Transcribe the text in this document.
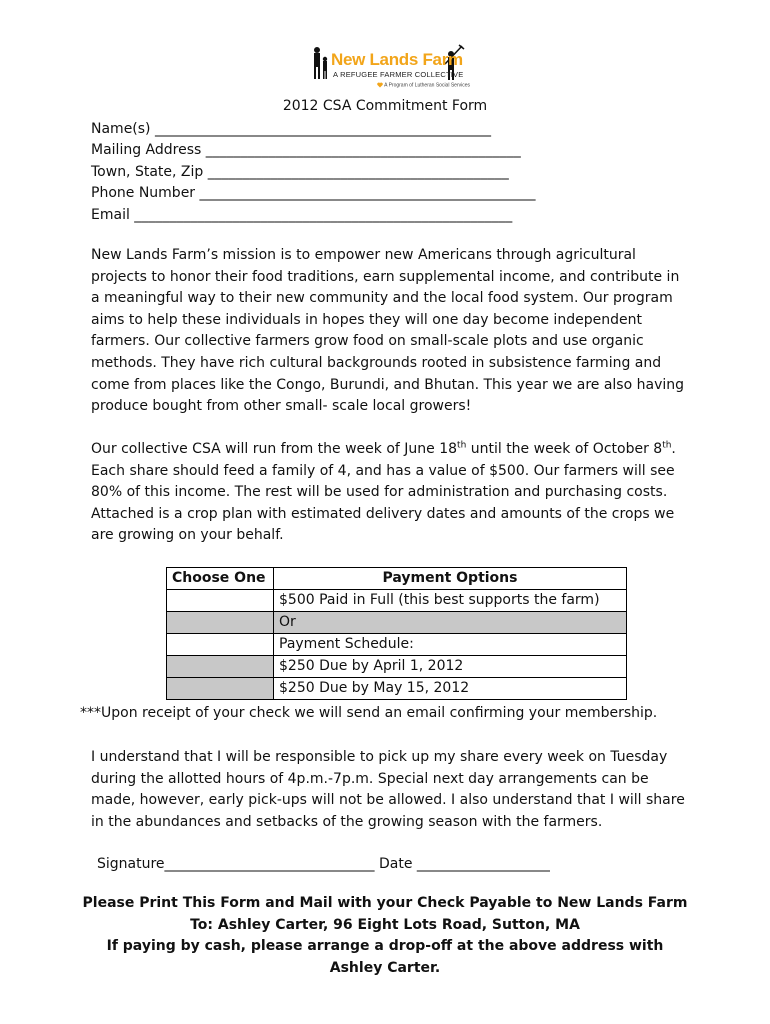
New Lands Farm
A REFUGEE FARMER COLLECTIVE
A Program of Lutheran Social Services
2012 CSA Commitment Form
Name(s) ________________________________________________
Mailing Address _____________________________________________
Town, State, Zip ___________________________________________
Phone Number ________________________________________________
Email ______________________________________________________

New Lands Farm’s mission is to empower new Americans through agricultural projects to honor their food traditions, earn supplemental income, and contribute in a meaningful way to their new community and the local food system. Our program aims to help these individuals in hopes they will one day become independent farmers. Our collective farmers grow food on small-scale plots and use organic methods. They have rich cultural backgrounds rooted in subsistence farming and come from places like the Congo, Burundi, and Bhutan. This year we are also having produce bought from other small- scale local growers!

Our collective CSA will run from the week of June 18th until the week of October 8th. Each share should feed a family of 4, and has a value of $500. Our farmers will see 80% of this income. The rest will be used for administration and purchasing costs. Attached is a crop plan with estimated delivery dates and amounts of the crops we are growing on your behalf.

Choose One	Payment Options
	$500 Paid in Full (this best supports the farm)
	Or
	Payment Schedule:
	$250 Due by April 1, 2012
	$250 Due by May 15, 2012
***Upon receipt of your check we will send an email confirming your membership.

I understand that I will be responsible to pick up my share every week on Tuesday during the allotted hours of 4p.m.-7p.m. Special next day arrangements can be made, however, early pick-ups will not be allowed. I also understand that I will share in the abundances and setbacks of the growing season with the farmers.

Signature______________________________ Date ___________________
Please Print This Form and Mail with your Check Payable to New Lands Farm
To: Ashley Carter, 96 Eight Lots Road, Sutton, MA
If paying by cash, please arrange a drop-off at the above address with
Ashley Carter.
